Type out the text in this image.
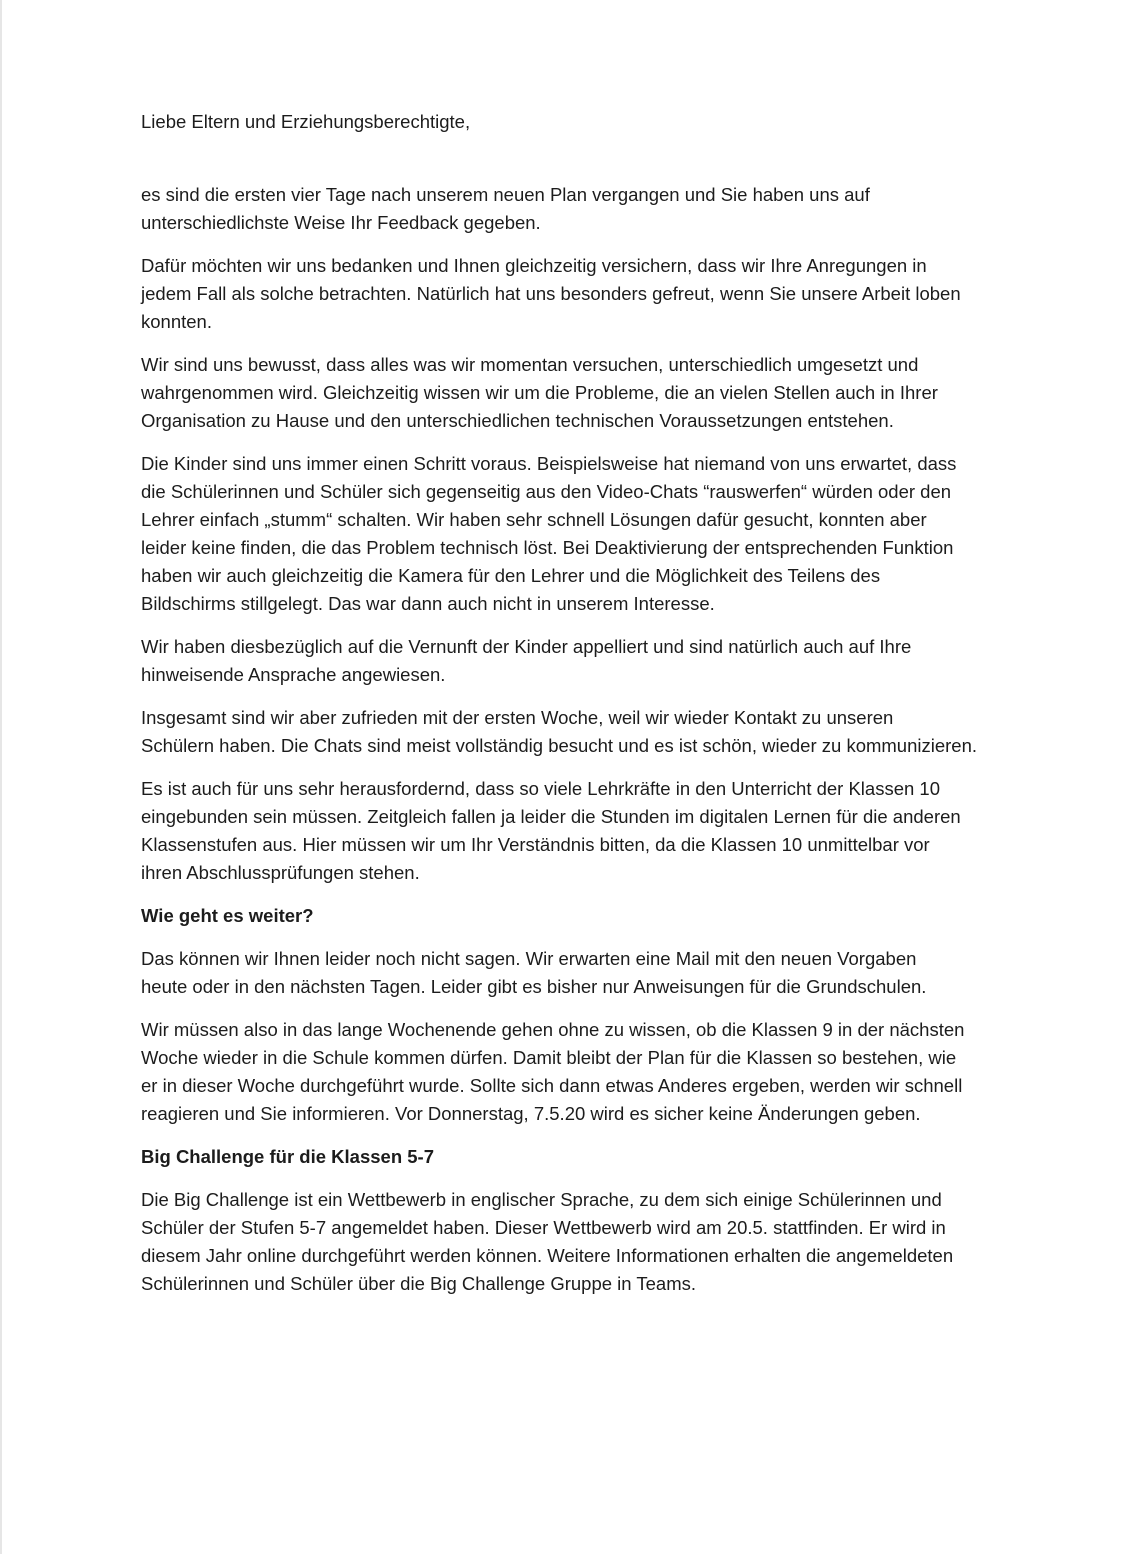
Liebe Eltern und Erziehungsberechtigte,

es sind die ersten vier Tage nach unserem neuen Plan vergangen und Sie haben uns auf
unterschiedlichste Weise Ihr Feedback gegeben.

Dafür möchten wir uns bedanken und Ihnen gleichzeitig versichern, dass wir Ihre Anregungen in
jedem Fall als solche betrachten. Natürlich hat uns besonders gefreut, wenn Sie unsere Arbeit loben
konnten.

Wir sind uns bewusst, dass alles was wir momentan versuchen, unterschiedlich umgesetzt und
wahrgenommen wird. Gleichzeitig wissen wir um die Probleme, die an vielen Stellen auch in Ihrer
Organisation zu Hause und den unterschiedlichen technischen Voraussetzungen entstehen.

Die Kinder sind uns immer einen Schritt voraus. Beispielsweise hat niemand von uns erwartet, dass
die Schülerinnen und Schüler sich gegenseitig aus den Video-Chats “rauswerfen“ würden oder den
Lehrer einfach „stumm“ schalten. Wir haben sehr schnell Lösungen dafür gesucht, konnten aber
leider keine finden, die das Problem technisch löst. Bei Deaktivierung der entsprechenden Funktion
haben wir auch gleichzeitig die Kamera für den Lehrer und die Möglichkeit des Teilens des
Bildschirms stillgelegt. Das war dann auch nicht in unserem Interesse.

Wir haben diesbezüglich auf die Vernunft der Kinder appelliert und sind natürlich auch auf Ihre
hinweisende Ansprache angewiesen.

Insgesamt sind wir aber zufrieden mit der ersten Woche, weil wir wieder Kontakt zu unseren
Schülern haben. Die Chats sind meist vollständig besucht und es ist schön, wieder zu kommunizieren.

Es ist auch für uns sehr herausfordernd, dass so viele Lehrkräfte in den Unterricht der Klassen 10
eingebunden sein müssen. Zeitgleich fallen ja leider die Stunden im digitalen Lernen für die anderen
Klassenstufen aus. Hier müssen wir um Ihr Verständnis bitten, da die Klassen 10 unmittelbar vor
ihren Abschlussprüfungen stehen.

Wie geht es weiter?

Das können wir Ihnen leider noch nicht sagen. Wir erwarten eine Mail mit den neuen Vorgaben
heute oder in den nächsten Tagen. Leider gibt es bisher nur Anweisungen für die Grundschulen.

Wir müssen also in das lange Wochenende gehen ohne zu wissen, ob die Klassen 9 in der nächsten
Woche wieder in die Schule kommen dürfen. Damit bleibt der Plan für die Klassen so bestehen, wie
er in dieser Woche durchgeführt wurde. Sollte sich dann etwas Anderes ergeben, werden wir schnell
reagieren und Sie informieren. Vor Donnerstag, 7.5.20 wird es sicher keine Änderungen geben.

Big Challenge für die Klassen 5-7

Die Big Challenge ist ein Wettbewerb in englischer Sprache, zu dem sich einige Schülerinnen und
Schüler der Stufen 5-7 angemeldet haben. Dieser Wettbewerb wird am 20.5. stattfinden. Er wird in
diesem Jahr online durchgeführt werden können. Weitere Informationen erhalten die angemeldeten
Schülerinnen und Schüler über die Big Challenge Gruppe in Teams.
